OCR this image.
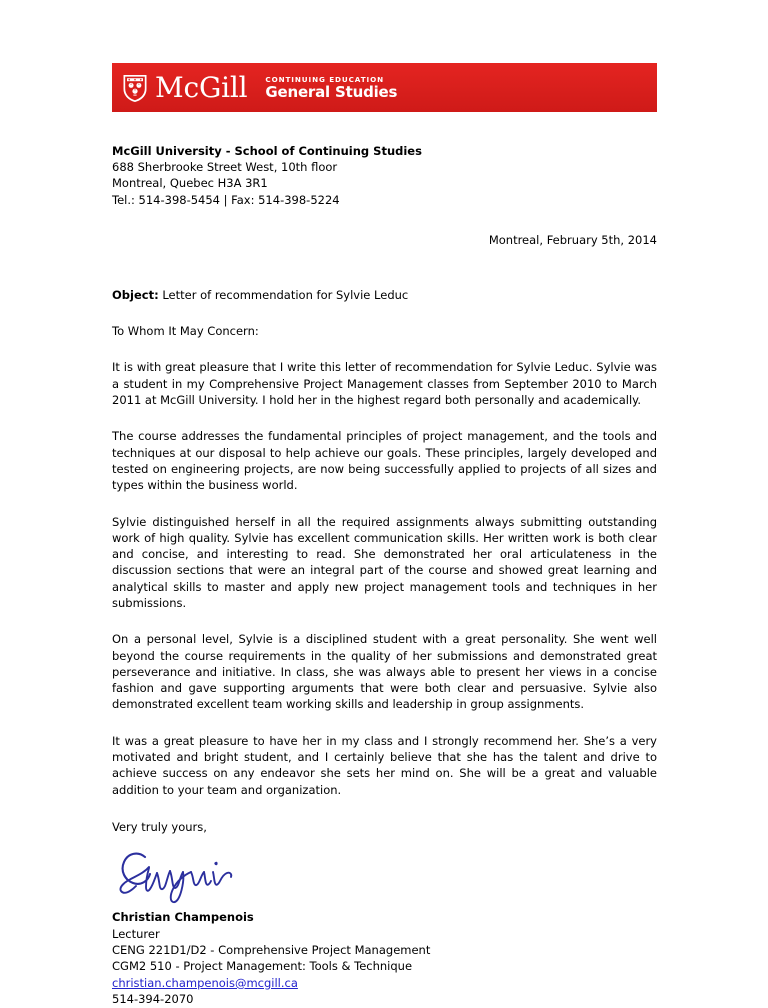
McGill	CONTINUING EDUCATION
General Studies
McGill University - School of Continuing Studies
688 Sherbrooke Street West, 10th floor
Montreal, Quebec H3A 3R1
Tel.: 514-398-5454 | Fax: 514-398-5224
Montreal, February 5th, 2014
Object: Letter of recommendation for Sylvie Leduc
To Whom It May Concern:
It is with great pleasure that I write this letter of recommendation for Sylvie Leduc. Sylvie was a student in my Comprehensive Project Management classes from September 2010 to March 2011 at McGill University. I hold her in the highest regard both personally and academically.
The course addresses the fundamental principles of project management, and the tools and techniques at our disposal to help achieve our goals. These principles, largely developed and tested on engineering projects, are now being successfully applied to projects of all sizes and types within the business world.
Sylvie distinguished herself in all the required assignments always submitting outstanding work of high quality. Sylvie has excellent communication skills. Her written work is both clear and concise, and interesting to read. She demonstrated her oral articulateness in the discussion sections that were an integral part of the course and showed great learning and analytical skills to master and apply new project management tools and techniques in her submissions.
On a personal level, Sylvie is a disciplined student with a great personality. She went well beyond the course requirements in the quality of her submissions and demonstrated great perseverance and initiative. In class, she was always able to present her views in a concise fashion and gave supporting arguments that were both clear and persuasive. Sylvie also demonstrated excellent team working skills and leadership in group assignments.
It was a great pleasure to have her in my class and I strongly recommend her. She’s a very motivated and bright student, and I certainly believe that she has the talent and drive to achieve success on any endeavor she sets her mind on. She will be a great and valuable addition to your team and organization.
Very truly yours,
Christian Champenois
Lecturer
CENG 221D1/D2 - Comprehensive Project Management
CGM2 510 - Project Management: Tools & Technique
christian.champenois@mcgill.ca
514-394-2070
